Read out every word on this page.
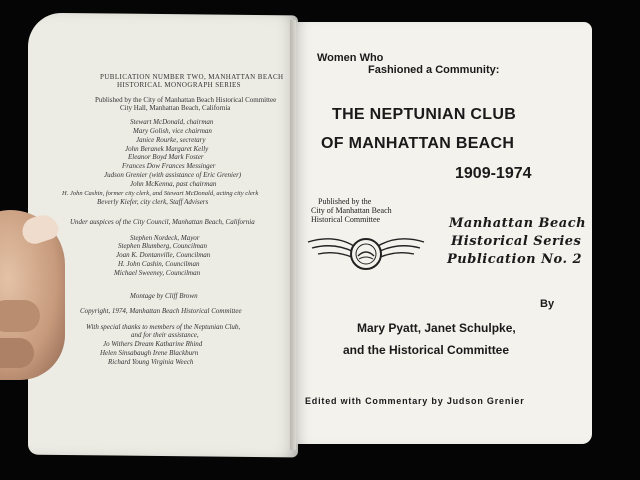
PUBLICATION NUMBER TWO, MANHATTAN BEACH
HISTORICAL MONOGRAPH SERIES
Published by the City of Manhattan Beach Historical Committee
City Hall, Manhattan Beach, California
Stewart McDonald, chairman
Mary Golish, vice chairman
Janice Rourke, secretary
John Beranek Margaret Kelly
Eleanor Boyd Mark Foster
Frances Dow Frances Messinger
Judson Grenier (with assistance of Eric Grenier)
John McKenna, past chairman
H. John Cashin, former city clerk, and Stewart McDonald, acting city clerk
Beverly Kiefer, city clerk, Staff Advisers
Under auspices of the City Council, Manhattan Beach, California
Stephen Nordeck, Mayor
Stephen Blumberg, Councilman
Joan K. Dontanville, Councilman
H. John Cashin, Councilman
Michael Sweeney, Councilman
Montage by Cliff Brown
Copyright, 1974, Manhattan Beach Historical Committee
With special thanks to members of the Neptunian Club,
and for their assistance,
Jo Withers Dream Katharine Rhind
Helen Sinsabaugh Irene Blackburn
Richard Young Virginia Weech
Women Who
Fashioned a Community:
THE NEPTUNIAN CLUB
OF MANHATTAN BEACH
1909-1974
Published by the
City of Manhattan Beach
Historical Committee	Manhattan Beach
Historical Series
Publication No. 2
By
Mary Pyatt, Janet Schulpke,
and the Historical Committee
Edited with Commentary by Judson Grenier
